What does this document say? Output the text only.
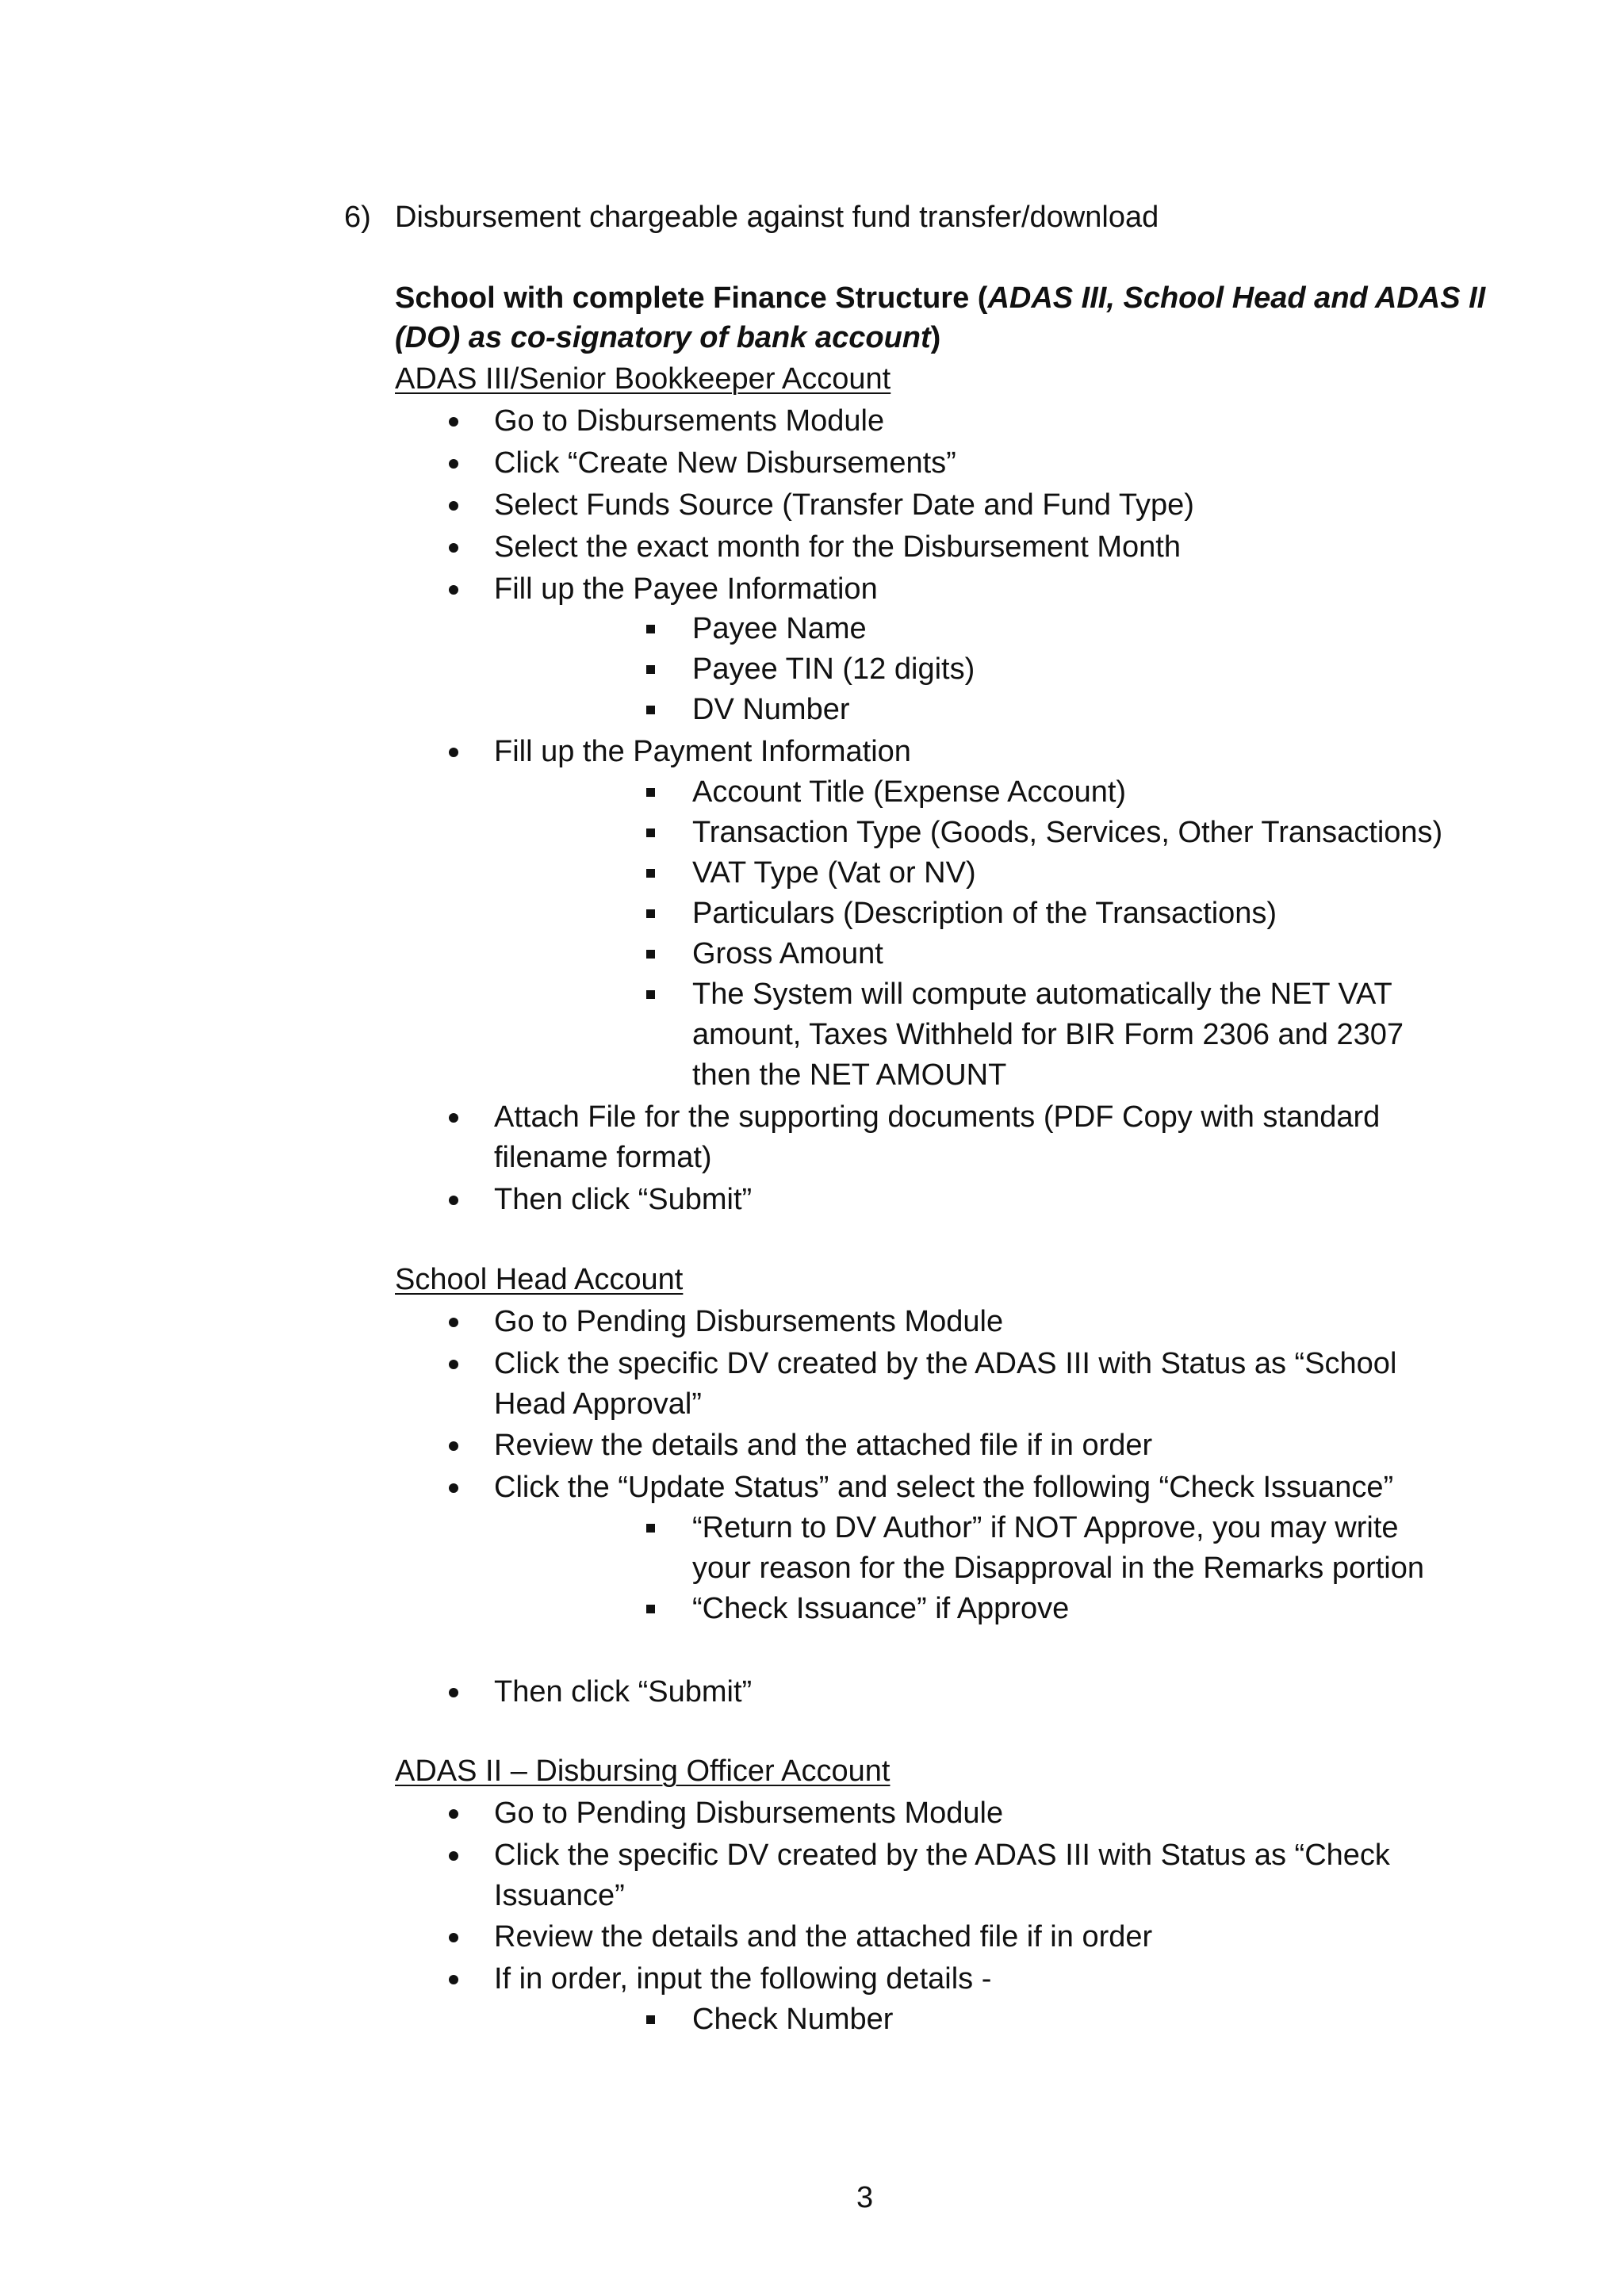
6) Disbursement chargeable against fund transfer/download
School with complete Finance Structure (ADAS III, School Head and ADAS II
(DO) as co-signatory of bank account)
ADAS III/Senior Bookkeeper Account
Go to Disbursements Module
Click “Create New Disbursements”
Select Funds Source (Transfer Date and Fund Type)
Select the exact month for the Disbursement Month
Fill up the Payee Information
Payee Name
Payee TIN (12 digits)
DV Number
Fill up the Payment Information
Account Title (Expense Account)
Transaction Type (Goods, Services, Other Transactions)
VAT Type (Vat or NV)
Particulars (Description of the Transactions)
Gross Amount
The System will compute automatically the NET VAT
amount, Taxes Withheld for BIR Form 2306 and 2307
then the NET AMOUNT
Attach File for the supporting documents (PDF Copy with standard
filename format)
Then click “Submit”
School Head Account
Go to Pending Disbursements Module
Click the specific DV created by the ADAS III with Status as “School
Head Approval”
Review the details and the attached file if in order
Click the “Update Status” and select the following “Check Issuance”
“Return to DV Author” if NOT Approve, you may write
your reason for the Disapproval in the Remarks portion
“Check Issuance” if Approve
Then click “Submit”
ADAS II – Disbursing Officer Account
Go to Pending Disbursements Module
Click the specific DV created by the ADAS III with Status as “Check
Issuance”
Review the details and the attached file if in order
If in order, input the following details -
Check Number
3
